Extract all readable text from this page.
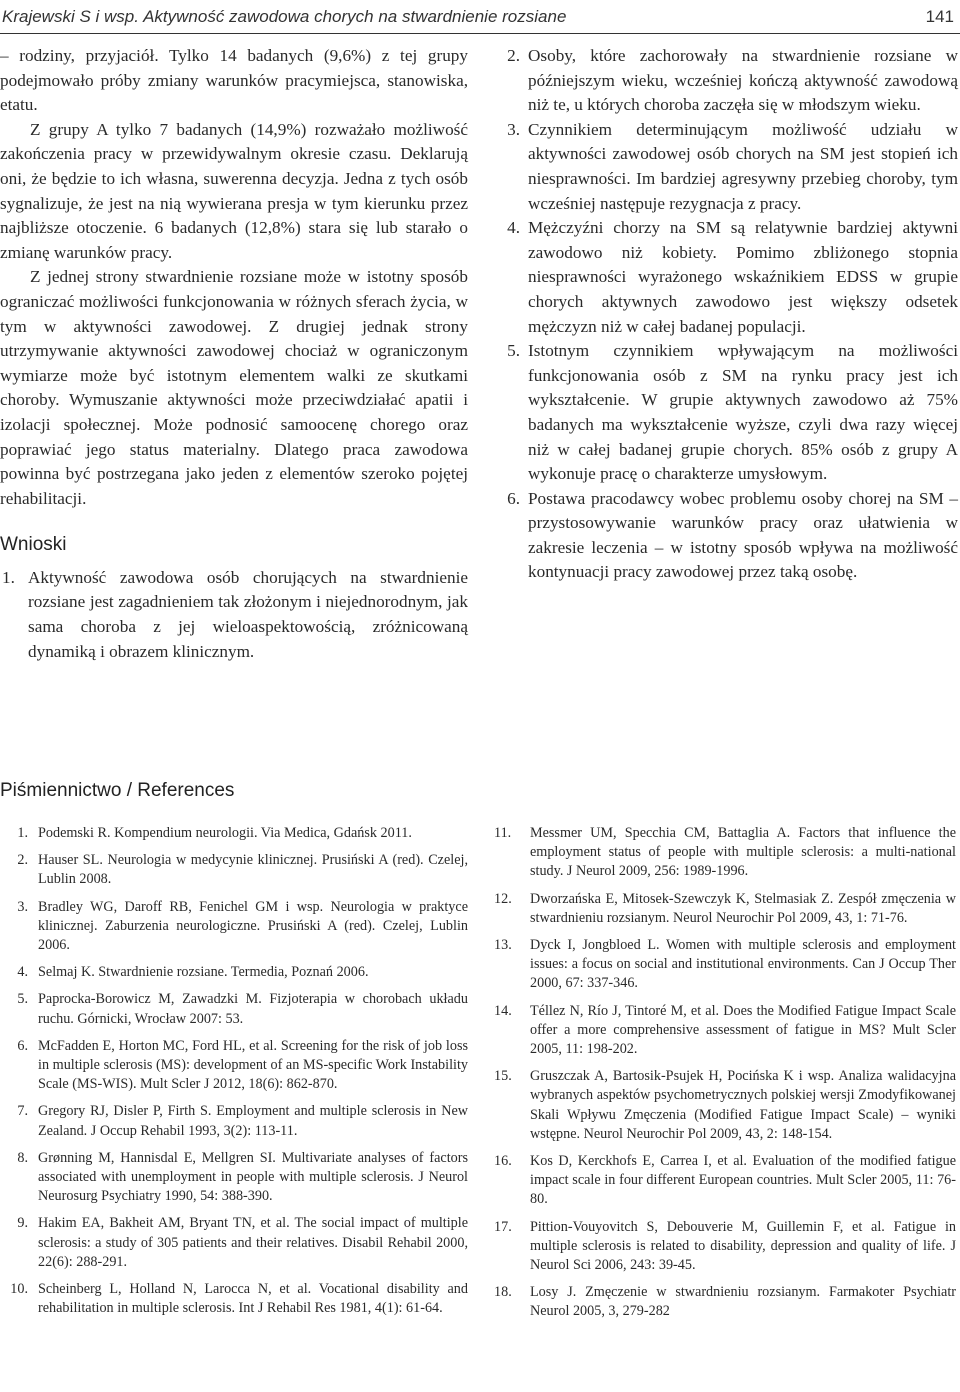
Krajewski S i wsp. Aktywność zawodowa chorych na stwardnienie rozsiane	141

– rodziny, przyjaciół. Tylko 14 badanych (9,6%) z tej grupy podejmowało próby zmiany warunków pracymiejsca, stanowiska, etatu.

Z grupy A tylko 7 badanych (14,9%) rozważało możliwość zakończenia pracy w przewidywalnym okresie czasu. Deklarują oni, że będzie to ich własna, suwerenna decyzja. Jedna z tych osób sygnalizuje, że jest na nią wywierana presja w tym kierunku przez najbliższe otoczenie. 6 badanych (12,8%) stara się lub starało o zmianę warunków pracy.

Z jednej strony stwardnienie rozsiane może w istotny sposób ograniczać możliwości funkcjonowania w różnych sferach życia, w tym w aktywności zawodowej. Z drugiej jednak strony utrzymywanie aktywności zawodowej chociaż w ograniczonym wymiarze może być istotnym elementem walki ze skutkami choroby. Wymuszanie aktywności może przeciwdziałać apatii i izolacji społecznej. Może podnosić samoocenę chorego oraz poprawiać jego status materialny. Dlatego praca zawodowa powinna być postrzegana jako jeden z elementów szeroko pojętej rehabilitacji.

Wnioski
1. Aktywność zawodowa osób chorujących na stwardnienie rozsiane jest zagadnieniem tak złożonym i niejednorodnym, jak sama choroba z jej wieloaspektowością, zróżnicowaną dynamiką i obrazem klinicznym.
2. Osoby, które zachorowały na stwardnienie rozsiane w późniejszym wieku, wcześniej kończą aktywność zawodową niż te, u których choroba zaczęła się w młodszym wieku.
3. Czynnikiem determinującym możliwość udziału w aktywności zawodowej osób chorych na SM jest stopień ich niesprawności. Im bardziej agresywny przebieg choroby, tym wcześniej następuje rezygnacja z pracy.
4. Mężczyźni chorzy na SM są relatywnie bardziej aktywni zawodowo niż kobiety. Pomimo zbliżonego stopnia niesprawności wyrażonego wskaźnikiem EDSS w grupie chorych aktywnych zawodowo jest większy odsetek mężczyzn niż w całej badanej populacji.
5. Istotnym czynnikiem wpływającym na możliwości funkcjonowania osób z SM na rynku pracy jest ich wykształcenie. W grupie aktywnych zawodowo aż 75% badanych ma wykształcenie wyższe, czyli dwa razy więcej niż w całej badanej grupie chorych. 85% osób z grupy A wykonuje pracę o charakterze umysłowym.
6. Postawa pracodawcy wobec problemu osoby chorej na SM – przystosowywanie warunków pracy oraz ułatwienia w zakresie leczenia – w istotny sposób wpływa na możliwość kontynuacji pracy zawodowej przez taką osobę.
Piśmiennictwo / References
1. Podemski R. Kompendium neurologii. Via Medica, Gdańsk 2011.
2. Hauser SL. Neurologia w medycynie klinicznej. Prusiński A (red). Czelej, Lublin 2008.
3. Bradley WG, Daroff RB, Fenichel GM i wsp. Neurologia w praktyce klinicznej. Zaburzenia neurologiczne. Prusiński A (red). Czelej, Lublin 2006.
4. Selmaj K. Stwardnienie rozsiane. Termedia, Poznań 2006.
5. Paprocka-Borowicz M, Zawadzki M. Fizjoterapia w chorobach układu ruchu. Górnicki, Wrocław 2007: 53.
6. McFadden E, Horton MC, Ford HL, et al. Screening for the risk of job loss in multiple sclerosis (MS): development of an MS-specific Work Instability Scale (MS-WIS). Mult Scler J 2012, 18(6): 862-870.
7. Gregory RJ, Disler P, Firth S. Employment and multiple sclerosis in New Zealand. J Occup Rehabil 1993, 3(2): 113-11.
8. Grønning M, Hannisdal E, Mellgren SI. Multivariate analyses of factors associated with unemployment in people with multiple sclerosis. J Neurol Neurosurg Psychiatry 1990, 54: 388-390.
9. Hakim EA, Bakheit AM, Bryant TN, et al. The social impact of multiple sclerosis: a study of 305 patients and their relatives. Disabil Rehabil 2000, 22(6): 288-291.
10. Scheinberg L, Holland N, Larocca N, et al. Vocational disability and rehabilitation in multiple sclerosis. Int J Rehabil Res 1981, 4(1): 61-64.
11.	Messmer UM, Specchia CM, Battaglia A. Factors that influence the employment status of people with multiple sclerosis: a multi-national study. J Neurol 2009, 256: 1989-1996.
12.	Dworzańska E, Mitosek-Szewczyk K, Stelmasiak Z. Zespół zmęczenia w stwardnieniu rozsianym. Neurol Neurochir Pol 2009, 43, 1: 71-76.
13.	Dyck I, Jongbloed L. Women with multiple sclerosis and employment issues: a focus on social and institutional environments. Can J Occup Ther 2000, 67: 337-346.
14.	Téllez N, Río J, Tintoré M, et al. Does the Modified Fatigue Impact Scale offer a more comprehensive assessment of fatigue in MS? Mult Scler 2005, 11: 198-202.
15.	Gruszczak A, Bartosik-Psujek H, Pocińska K i wsp. Analiza walidacyjna wybranych aspektów psychometrycznych polskiej wersji Zmodyfikowanej Skali Wpływu Zmęczenia (Modified Fatigue Impact Scale) – wyniki wstępne. Neurol Neurochir Pol 2009, 43, 2: 148-154.
16.	Kos D, Kerckhofs E, Carrea I, et al. Evaluation of the modified fatigue impact scale in four different European countries. Mult Scler 2005, 11: 76-80.
17.	Pittion-Vouyovitch S, Debouverie M, Guillemin F, et al. Fatigue in multiple sclerosis is related to disability, depression and quality of life. J Neurol Sci 2006, 243: 39-45.
18.	Losy J. Zmęczenie w stwardnieniu rozsianym. Farmakoter Psychiatr Neurol 2005, 3, 279-282
